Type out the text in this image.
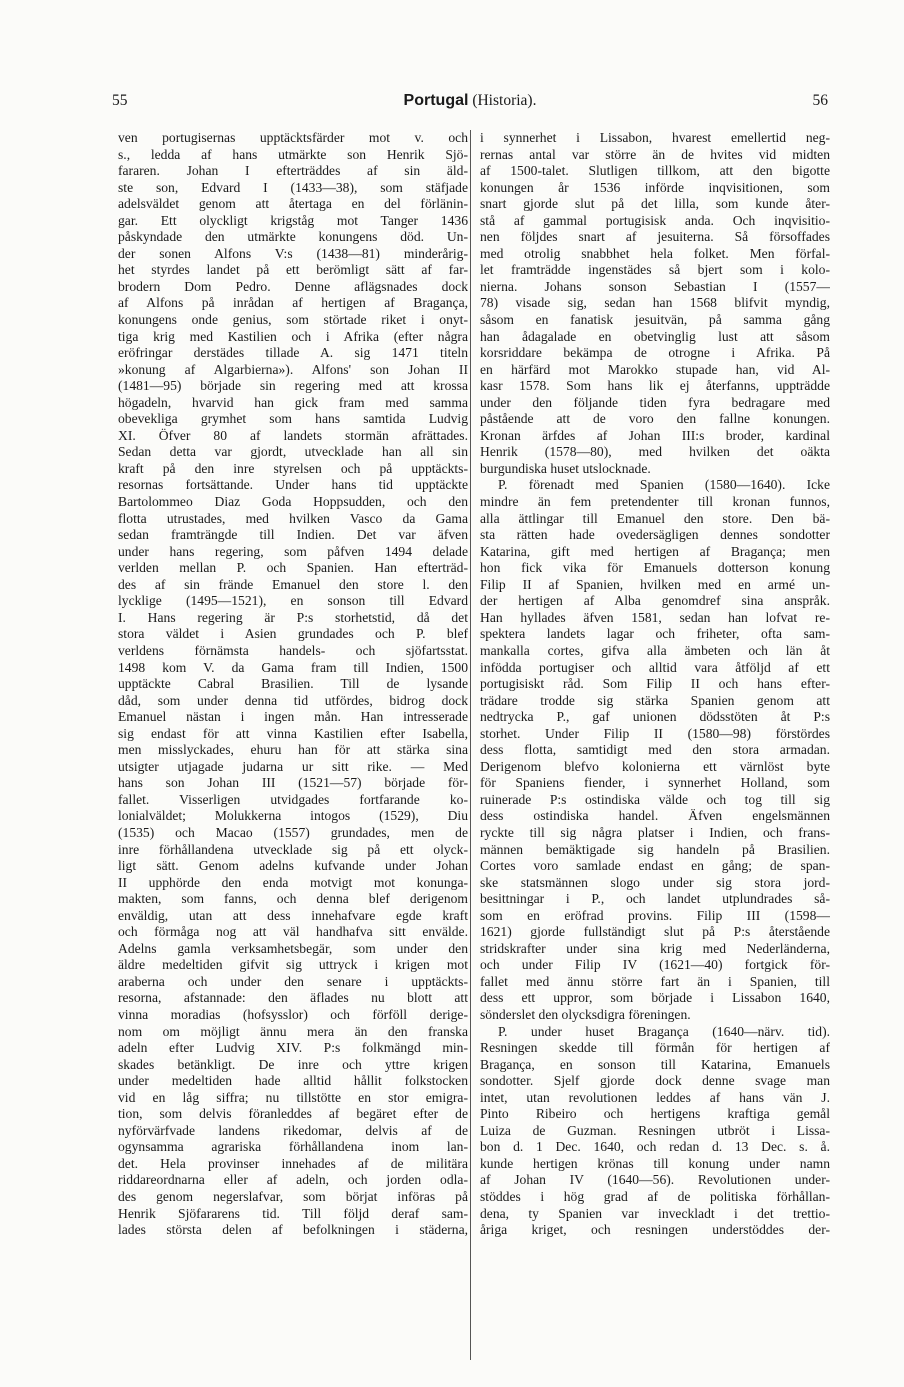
55	Portugal (Historia).	56
ven portugisernas upptäcktsfärder mot v. och
s., ledda af hans utmärkte son Henrik Sjö-
fararen. Johan I efterträddes af sin äld-
ste son, Edvard I (1433—38), som stäfjade
adelsväldet genom att återtaga en del förlänin-
gar. Ett olyckligt krigståg mot Tanger 1436
påskyndade den utmärkte konungens död. Un-
der sonen Alfons V:s (1438—81) minderårig-
het styrdes landet på ett berömligt sätt af far-
brodern Dom Pedro. Denne aflägsnades dock
af Alfons på inrådan af hertigen af Bragança,
konungens onde genius, som störtade riket i onyt-
tiga krig med Kastilien och i Afrika (efter några
eröfringar derstädes tillade A. sig 1471 titeln
»konung af Algarbierna»). Alfons' son Johan II
(1481—95) började sin regering med att krossa
högadeln, hvarvid han gick fram med samma
obevekliga grymhet som hans samtida Ludvig
XI. Öfver 80 af landets stormän afrättades.
Sedan detta var gjordt, utvecklade han all sin
kraft på den inre styrelsen och på upptäckts-
resornas fortsättande. Under hans tid upptäckte
Bartolommeo Diaz Goda Hoppsudden, och den
flotta utrustades, med hvilken Vasco da Gama
sedan framträngde till Indien. Det var äfven
under hans regering, som påfven 1494 delade
verlden mellan P. och Spanien. Han efterträd-
des af sin frände Emanuel den store l. den
lycklige (1495—1521), en sonson till Edvard
I. Hans regering är P:s storhetstid, då det
stora väldet i Asien grundades och P. blef
verldens förnämsta handels- och sjöfartsstat.
1498 kom V. da Gama fram till Indien, 1500
upptäckte Cabral Brasilien. Till de lysande
dåd, som under denna tid utfördes, bidrog dock
Emanuel nästan i ingen mån. Han intresserade
sig endast för att vinna Kastilien efter Isabella,
men misslyckades, ehuru han för att stärka sina
utsigter utjagade judarna ur sitt rike. — Med
hans son Johan III (1521—57) började för-
fallet. Visserligen utvidgades fortfarande ko-
lonialväldet; Molukkerna intogos (1529), Diu
(1535) och Macao (1557) grundades, men de
inre förhållandena utvecklade sig på ett olyck-
ligt sätt. Genom adelns kufvande under Johan
II upphörde den enda motvigt mot konunga-
makten, som fanns, och denna blef derigenom
enväldig, utan att dess innehafvare egde kraft
och förmåga nog att väl handhafva sitt envälde.
Adelns gamla verksamhetsbegär, som under den
äldre medeltiden gifvit sig uttryck i krigen mot
araberna och under den senare i upptäckts-
resorna, afstannade: den äflades nu blott att
vinna moradias (hofsysslor) och förföll derige-
nom om möjligt ännu mera än den franska
adeln efter Ludvig XIV. P:s folkmängd min-
skades betänkligt. De inre och yttre krigen
under medeltiden hade alltid hållit folkstocken
vid en låg siffra; nu tillstötte en stor emigra-
tion, som delvis föranleddes af begäret efter de
nyförvärfvade landens rikedomar, delvis af de
ogynsamma agrariska förhållandena inom lan-
det. Hela provinser innehades af de militära
riddareordnarna eller af adeln, och jorden odla-
des genom negerslafvar, som börjat införas på
Henrik Sjöfararens tid. Till följd deraf sam-
lades största delen af befolkningen i städerna,
i synnerhet i Lissabon, hvarest emellertid neg-
rernas antal var större än de hvites vid midten
af 1500-talet. Slutligen tillkom, att den bigotte
konungen år 1536 införde inqvisitionen, som
snart gjorde slut på det lilla, som kunde åter-
stå af gammal portugisisk anda. Och inqvisitio-
nen följdes snart af jesuiterna. Så försoffades
med otrolig snabbhet hela folket. Men förfal-
let framträdde ingenstädes så bjert som i kolo-
nierna. Johans sonson Sebastian I (1557—
78) visade sig, sedan han 1568 blifvit myndig,
såsom en fanatisk jesuitvän, på samma gång
han ådagalade en obetvinglig lust att såsom
korsriddare bekämpa de otrogne i Afrika. På
en härfärd mot Marokko stupade han, vid Al-
kasr 1578. Som hans lik ej återfanns, uppträdde
under den följande tiden fyra bedragare med
påstående att de voro den fallne konungen.
Kronan ärfdes af Johan III:s broder, kardinal
Henrik (1578—80), med hvilken det oäkta
burgundiska huset utslocknade.
P. förenadt med Spanien (1580—1640). Icke
mindre än fem pretendenter till kronan funnos,
alla ättlingar till Emanuel den store. Den bä-
sta rätten hade ovedersägligen dennes sondotter
Katarina, gift med hertigen af Bragança; men
hon fick vika för Emanuels dotterson konung
Filip II af Spanien, hvilken med en armé un-
der hertigen af Alba genomdref sina anspråk.
Han hyllades äfven 1581, sedan han lofvat re-
spektera landets lagar och friheter, ofta sam-
mankalla cortes, gifva alla ämbeten och län åt
infödda portugiser och alltid vara åtföljd af ett
portugisiskt råd. Som Filip II och hans efter-
trädare trodde sig stärka Spanien genom att
nedtrycka P., gaf unionen dödsstöten åt P:s
storhet. Under Filip II (1580—98) förstördes
dess flotta, samtidigt med den stora armadan.
Derigenom blefvo kolonierna ett värnlöst byte
för Spaniens fiender, i synnerhet Holland, som
ruinerade P:s ostindiska välde och tog till sig
dess ostindiska handel. Äfven engelsmännen
ryckte till sig några platser i Indien, och frans-
männen bemäktigade sig handeln på Brasilien.
Cortes voro samlade endast en gång; de span-
ske statsmännen slogo under sig stora jord-
besittningar i P., och landet utplundrades så-
som en eröfrad provins. Filip III (1598—
1621) gjorde fullständigt slut på P:s återstående
stridskrafter under sina krig med Nederländerna,
och under Filip IV (1621—40) fortgick för-
fallet med ännu större fart än i Spanien, till
dess ett uppror, som började i Lissabon 1640,
sönderslet den olycksdigra föreningen.
P. under huset Bragança (1640—närv. tid).
Resningen skedde till förmån för hertigen af
Bragança, en sonson till Katarina, Emanuels
sondotter. Sjelf gjorde dock denne svage man
intet, utan revolutionen leddes af hans vän J.
Pinto Ribeiro och hertigens kraftiga gemål
Luiza de Guzman. Resningen utbröt i Lissa-
bon d. 1 Dec. 1640, och redan d. 13 Dec. s. å.
kunde hertigen krönas till konung under namn
af Johan IV (1640—56). Revolutionen under-
stöddes i hög grad af de politiska förhållan-
dena, ty Spanien var inveckladt i det trettio-
åriga kriget, och resningen understöddes der-
